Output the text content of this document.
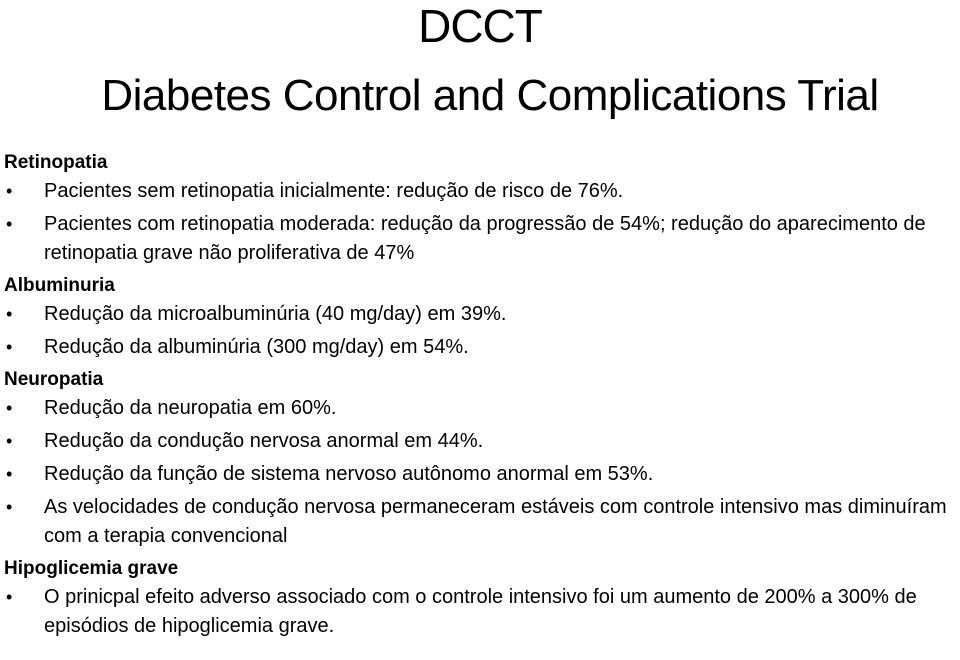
DCCT
Diabetes Control and Complications Trial
Retinopatia
• Pacientes sem retinopatia inicialmente: redução de risco de 76%.
• Pacientes com retinopatia moderada: redução da progressão de 54%; redução do aparecimento de retinopatia grave não proliferativa de 47%
Albuminuria
• Redução da microalbuminúria (40 mg/day) em 39%.
• Redução da albuminúria (300 mg/day) em 54%.
Neuropatia
• Redução da neuropatia em 60%.
• Redução da condução nervosa anormal em 44%.
• Redução da função de sistema nervoso autônomo anormal em 53%.
• As velocidades de condução nervosa permaneceram estáveis com controle intensivo mas diminuíram com a terapia convencional
Hipoglicemia grave
• O prinicpal efeito adverso associado com o controle intensivo foi um aumento de 200% a 300% de episódios de hipoglicemia grave.
